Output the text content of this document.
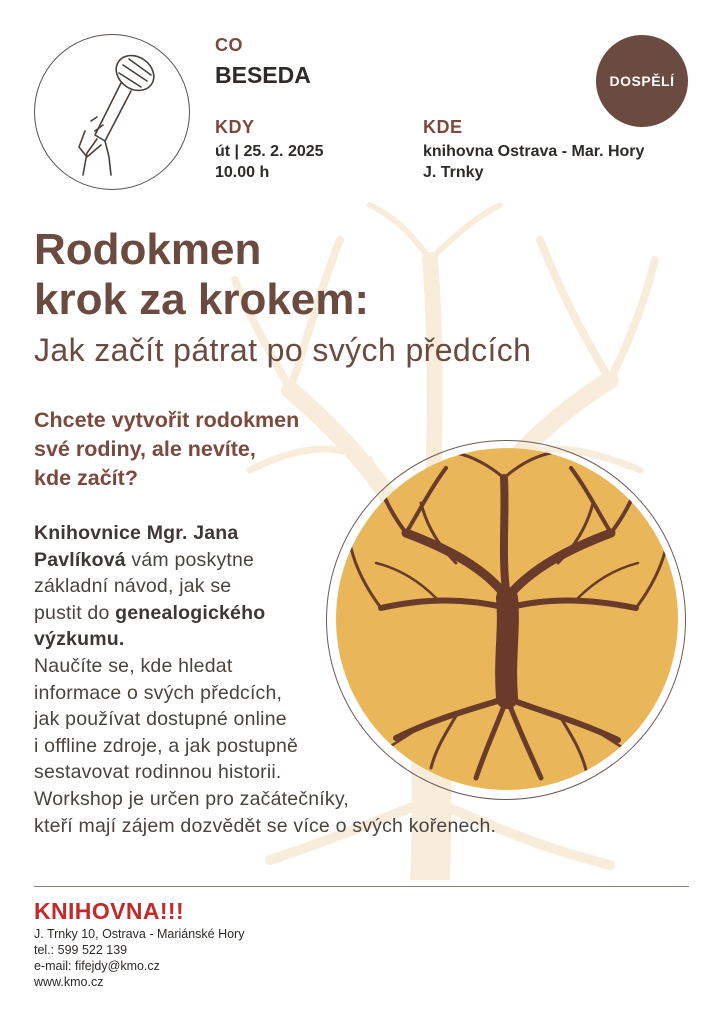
CO
BESEDA
KDY
út | 25. 2. 2025
10.00 h
KDE
knihovna Ostrava - Mar. Hory
J. Trnky
DOSPĚLÍ
Rodokmen
krok za krokem:
Jak začít pátrat po svých předcích
Chcete vytvořit rodokmen
své rodiny, ale nevíte,
kde začít?
Knihovnice Mgr. Jana
Pavlíková vám poskytne
základní návod, jak se
pustit do genealogického
výzkumu.
Naučíte se, kde hledat
informace o svých předcích,
jak používat dostupné online
i offline zdroje, a jak postupně
sestavovat rodinnou historii.
Workshop je určen pro začátečníky,
kteří mají zájem dozvědět se více o svých kořenech.
KNIHOVNA!!!
J. Trnky 10, Ostrava - Mariánské Hory
tel.: 599 522 139
e-mail: fifejdy@kmo.cz
www.kmo.cz
